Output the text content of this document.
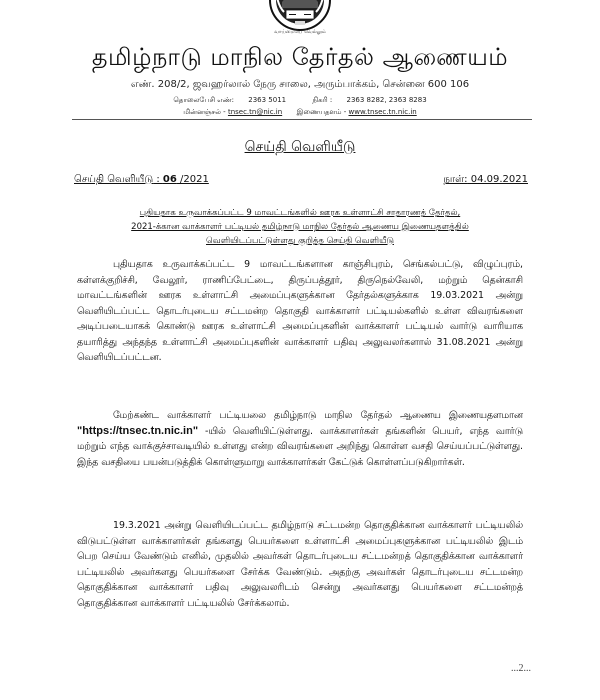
வாய்மையே வெல்லும்
தமிழ்நாடு மாநில தேர்தல் ஆணையம்
எண். 208/2, ஜவஹர்லால் நேரு சாலை, அரும்பாக்கம், சென்னை 600 106
தொலைபேசி எண்: 2363 5011	நிகரி : 2363 8282, 2363 8283
மின்னஞ்சல் - tnsec.tn@nic.in இணையதளம் - www.tnsec.tn.nic.in
செய்தி வெளியீடு
செய்தி வெளியீடு : 06 /2021	நாள்: 04.09.2021
புதியதாக உருவாக்கப்பட்ட 9 மாவட்டங்களில் ஊரக உள்ளாட்சி சாதாரணத் தேர்தல்,
2021-க்கான வாக்காளர் பட்டியல் தமிழ்நாடு மாநில தேர்தல் ஆணைய இணையதளத்தில்
வெளியிடப்பட்டுள்ளது குறித்த செய்தி வெளியீடு
புதியதாக உருவாக்கப்பட்ட 9 மாவட்டங்களான காஞ்சிபுரம், செங்கல்பட்டு, விழுப்புரம், கள்ளக்குறிச்சி, வேலூர், ராணிப்பேட்டை, திருப்பத்தூர், திருநெல்வேலி, மற்றும் தென்காசி மாவட்டங்களின் ஊரக உள்ளாட்சி அமைப்புகளுக்கான தேர்தல்களுக்காக 19.03.2021 அன்று வெளியிடப்பட்ட தொடர்புடைய சட்டமன்ற தொகுதி வாக்காளர் பட்டியல்களில் உள்ள விவரங்களை அடிப்படையாகக் கொண்டு ஊரக உள்ளாட்சி அமைப்புகளின் வாக்காளர் பட்டியல் வார்டு வாரியாக தயாரித்து அந்தந்த உள்ளாட்சி அமைப்புகளின் வாக்காளர் பதிவு அலுவலர்களால் 31.08.2021 அன்று வெளியிடப்பட்டன.
மேற்கண்ட வாக்காளர் பட்டியலை தமிழ்நாடு மாநில தேர்தல் ஆணைய இணையதளமான "https://tnsec.tn.nic.in" -யில் வெளியிட்டுள்ளது. வாக்காளர்கள் தங்களின் பெயர், எந்த வார்டு மற்றும் எந்த வாக்குச்சாவடியில் உள்ளது என்ற விவரங்களை அறிந்து கொள்ள வசதி செய்யப்பட்டுள்ளது. இந்த வசதியை பயன்படுத்திக் கொள்ளுமாறு வாக்காளர்கள் கேட்டுக் கொள்ளப்படுகிறார்கள்.
19.3.2021 அன்று வெளியிடப்பட்ட தமிழ்நாடு சட்டமன்ற தொகுதிக்கான வாக்காளர் பட்டியலில் விடுபட்டுள்ள வாக்காளர்கள் தங்களது பெயர்களை உள்ளாட்சி அமைப்புகளுக்கான பட்டியலில் இடம் பெற செய்ய வேண்டும் எனில், முதலில் அவர்கள் தொடர்புடைய சட்டமன்றத் தொகுதிக்கான வாக்காளர் பட்டியலில் அவர்களது பெயர்களை சேர்க்க வேண்டும். அதற்கு அவர்கள் தொடர்புடைய சட்டமன்ற தொகுதிக்கான வாக்காளர் பதிவு அலுவலரிடம் சென்று அவர்களது பெயர்களை சட்டமன்றத் தொகுதிக்கான வாக்காளர் பட்டியலில் சேர்க்கலாம்.
...2...
